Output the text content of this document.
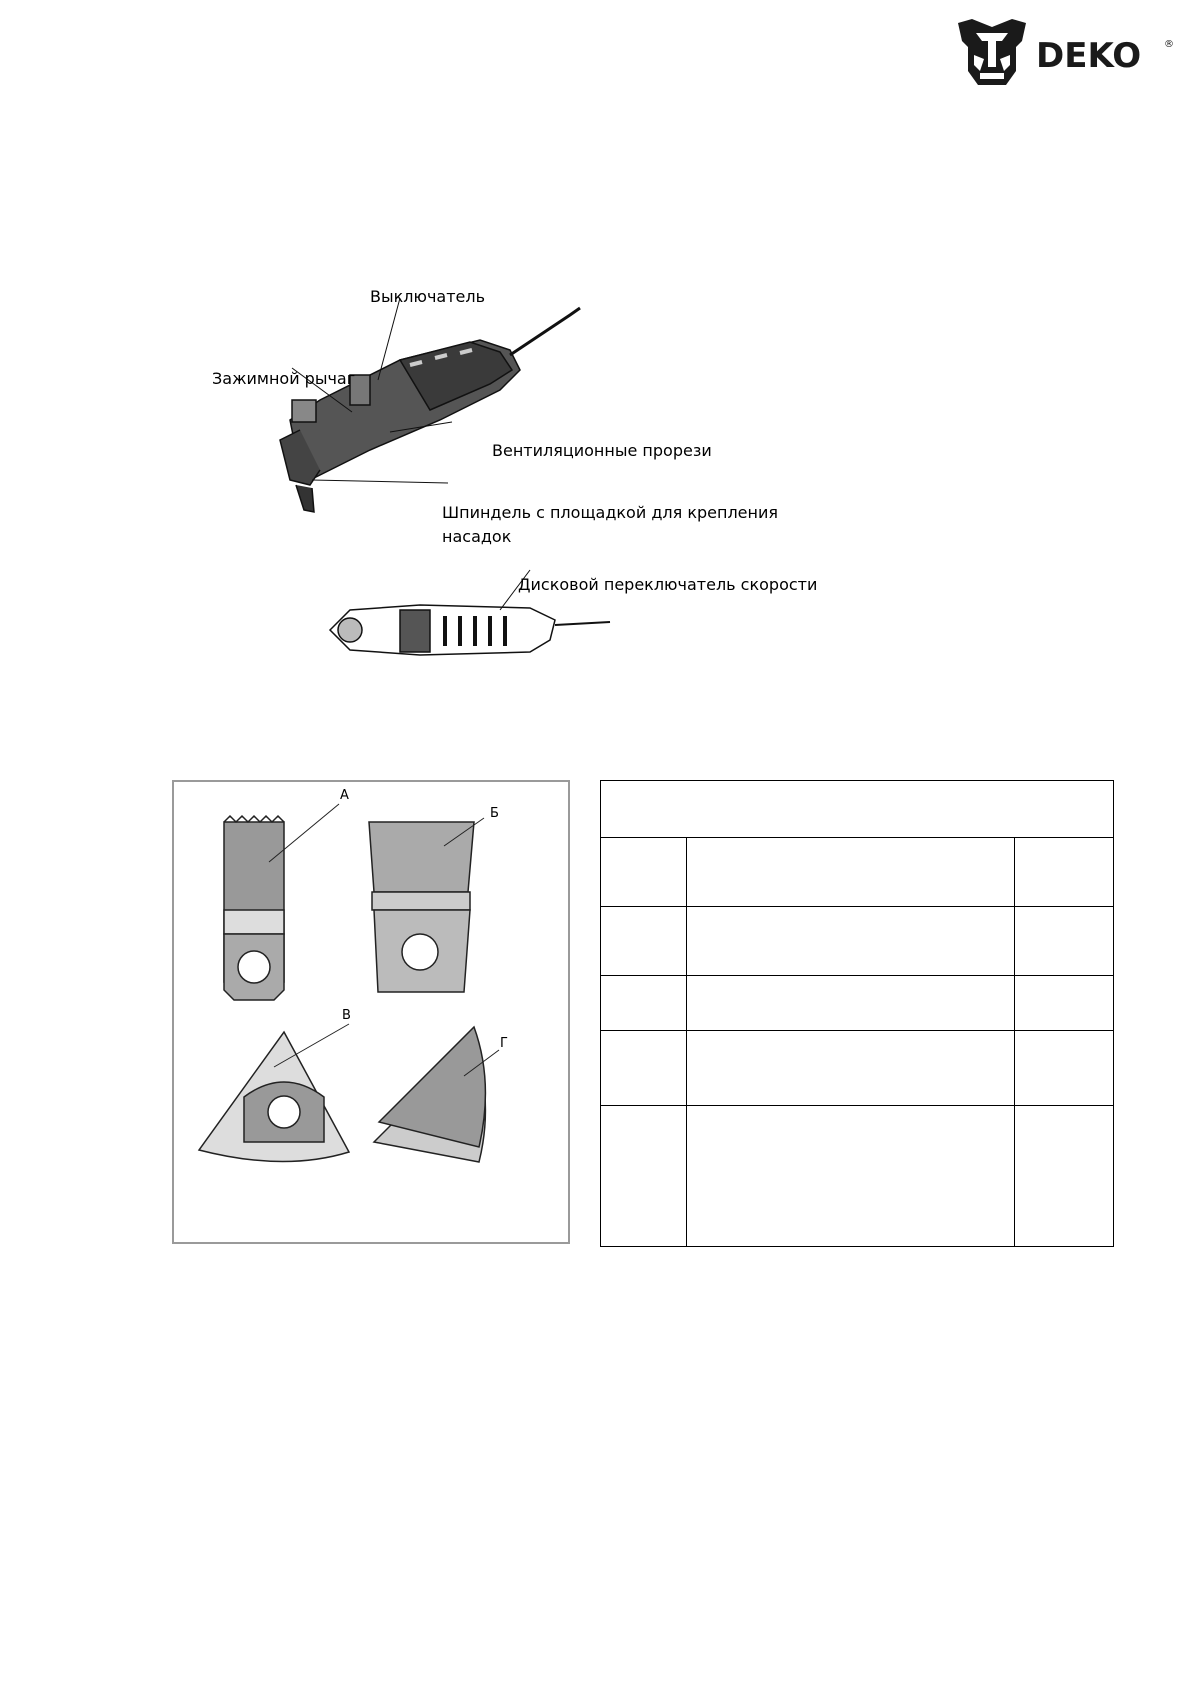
DEKO ®
Выключатель
Зажимной рычаг
Вентиляционные прорези
Шпиндель с площадкой для крепления
насадок
Дисковой переключатель скорости
А
Б
В
Г
